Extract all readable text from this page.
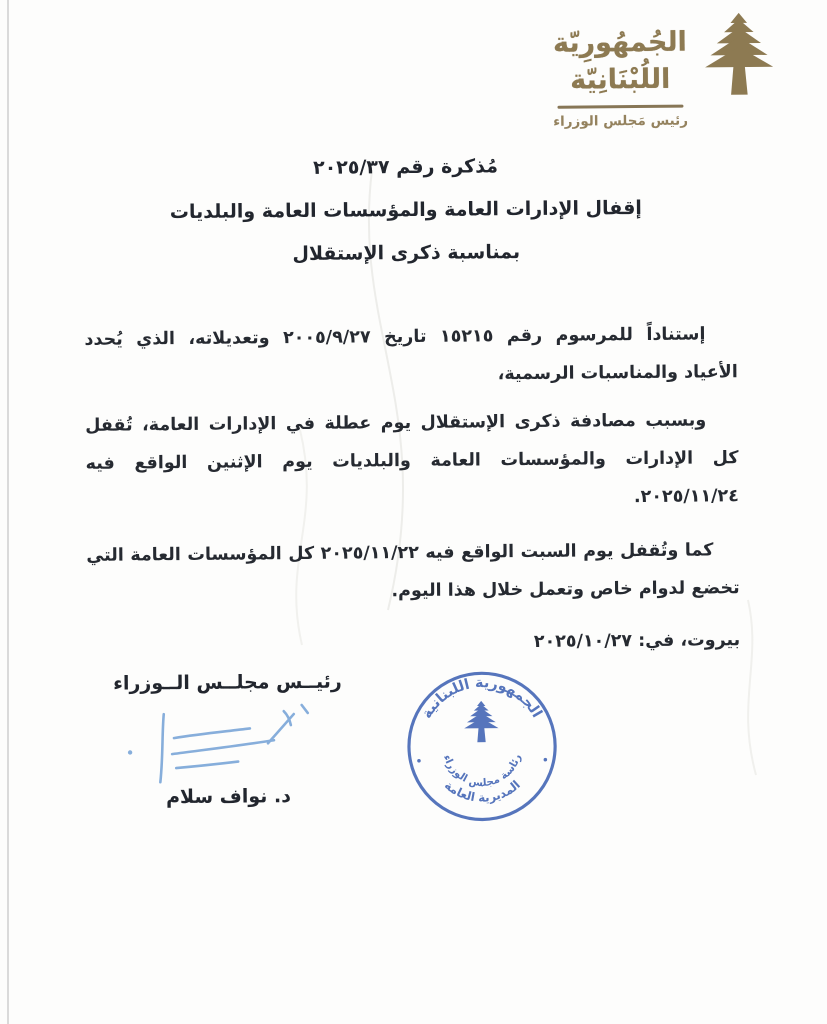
الجُمهُورِيّة
اللُبْنَانِيّة
رئيس مَجلس الوزراء
مُذكرة رقم ٢٠٢٥/٣٧
إقفال الإدارات العامة والمؤسسات العامة والبلديات
بمناسبة ذكرى الإستقلال

إستناداً للمرسوم رقم ١٥٢١٥ تاريخ ٢٠٠٥/٩/٢٧ وتعديلاته، الذي يُحدد الأعياد والمناسبات الرسمية،

وبسبب مصادفة ذكرى الإستقلال يوم عطلة في الإدارات العامة، تُقفل كل الإدارات والمؤسسات العامة والبلديات يوم الإثنين الواقع فيه ٢٠٢٥/١١/٢٤.

كما وتُقفل يوم السبت الواقع فيه ٢٠٢٥/١١/٢٢ كل المؤسسات العامة التي تخضع لدوام خاص وتعمل خلال هذا اليوم.

بيروت، في: ٢٠٢٥/١٠/٢٧
رئيــس مجلــس الــوزراء
د. نواف سلام
الجمهورية اللبنانية
رئاسة مجلس الوزراء
المديرية العامة
